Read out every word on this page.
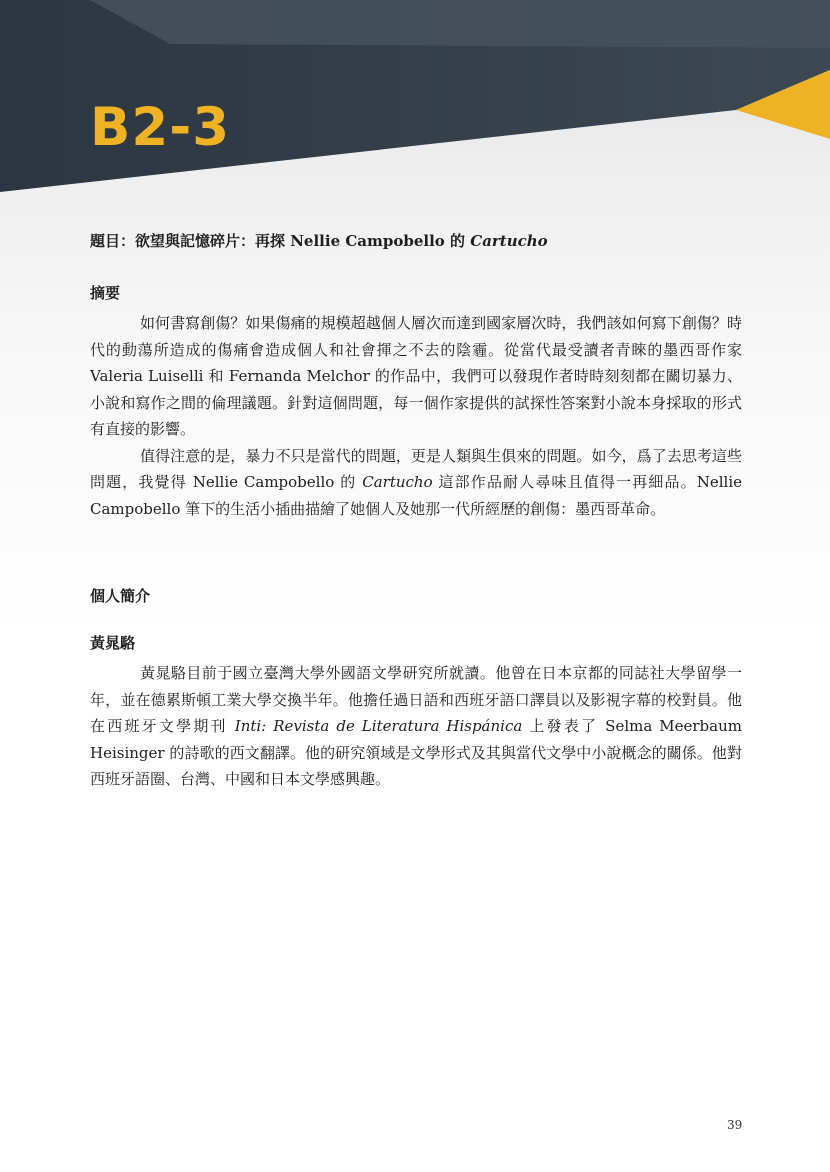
B2-3

題目：欲望與記憶碎片：再探 Nellie Campobello 的 Cartucho

摘要

如何書寫創傷？如果傷痛的規模超越個人層次而達到國家層次時，我們該如何寫下創傷？時代的動蕩所造成的傷痛會造成個人和社會揮之不去的陰霾。從當代最受讀者青睞的墨西哥作家 Valeria Luiselli 和 Fernanda Melchor 的作品中，我們可以發現作者時時刻刻都在關切暴力、小說和寫作之間的倫理議題。針對這個問題，每一個作家提供的試探性答案對小說本身採取的形式有直接的影響。

值得注意的是，暴力不只是當代的問題，更是人類與生俱來的問題。如今，爲了去思考這些問題，我覺得 Nellie Campobello 的 Cartucho 這部作品耐人尋味且值得一再細品。Nellie Campobello 筆下的生活小插曲描繪了她個人及她那一代所經歷的創傷：墨西哥革命。

個人簡介

黃晁駱

黃晁駱目前于國立臺灣大學外國語文學研究所就讀。他曾在日本京都的同誌社大學留學一年，並在德累斯頓工業大學交換半年。他擔任過日語和西班牙語口譯員以及影視字幕的校對員。他在西班牙文學期刊 Inti: Revista de Literatura Hispánica 上發表了 Selma Meerbaum Heisinger 的詩歌的西文翻譯。他的研究領域是文學形式及其與當代文學中小說概念的關係。他對西班牙語圈、台灣、中國和日本文學感興趣。

39
